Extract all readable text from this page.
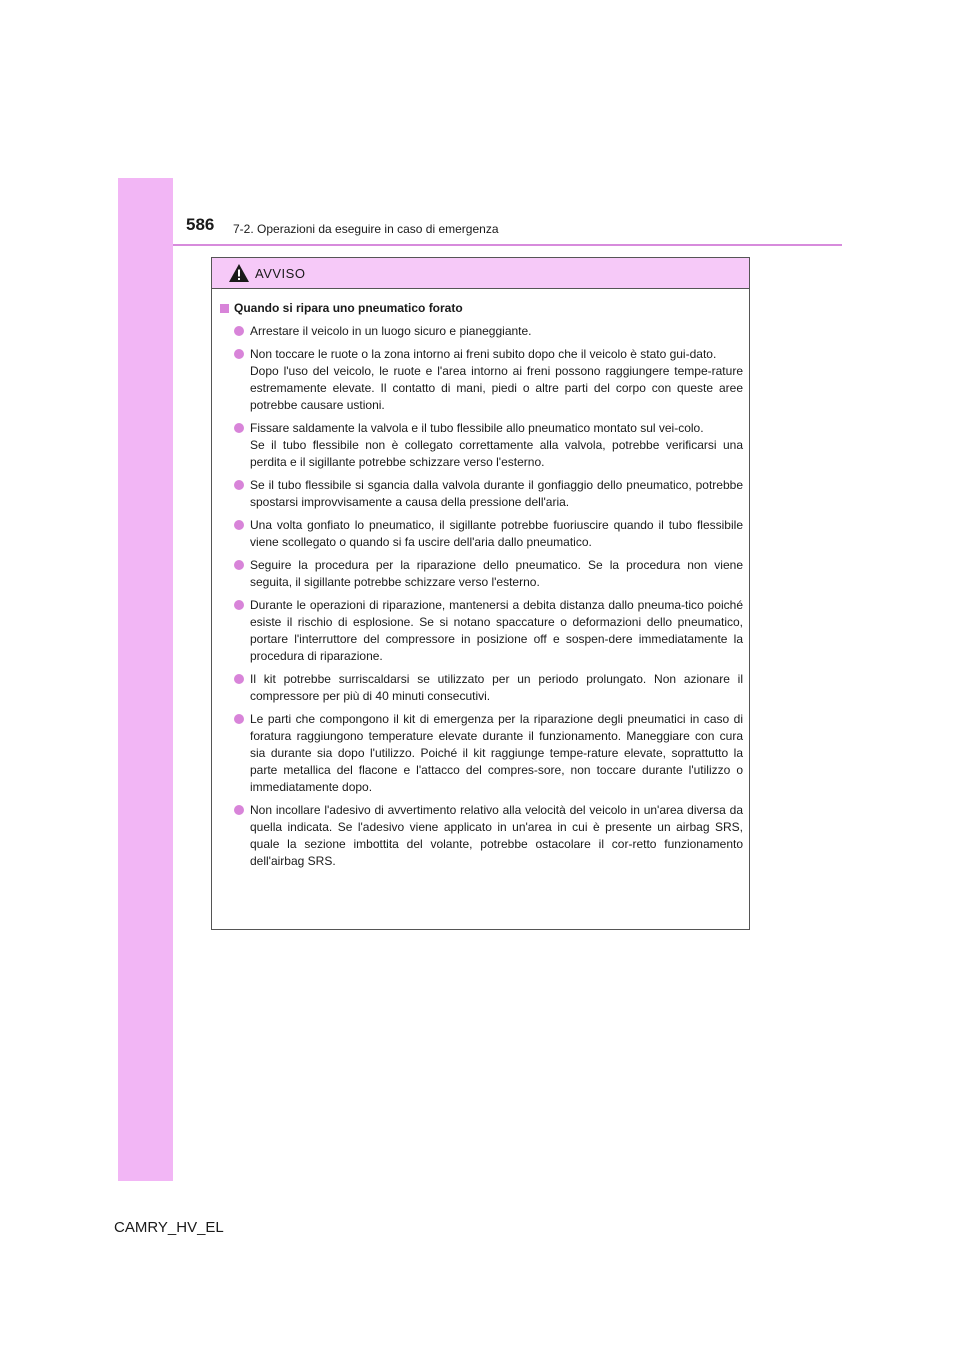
586 7-2. Operazioni da eseguire in caso di emergenza
AVVISO
Quando si ripara uno pneumatico forato
Arrestare il veicolo in un luogo sicuro e pianeggiante.
Non toccare le ruote o la zona intorno ai freni subito dopo che il veicolo è stato gui-dato.
Dopo l'uso del veicolo, le ruote e l'area intorno ai freni possono raggiungere tempe-rature estremamente elevate. Il contatto di mani, piedi o altre parti del corpo con queste aree potrebbe causare ustioni.
Fissare saldamente la valvola e il tubo flessibile allo pneumatico montato sul vei-colo.
Se il tubo flessibile non è collegato correttamente alla valvola, potrebbe verificarsi una perdita e il sigillante potrebbe schizzare verso l'esterno.
Se il tubo flessibile si sgancia dalla valvola durante il gonfiaggio dello pneumatico, potrebbe spostarsi improvvisamente a causa della pressione dell'aria.
Una volta gonfiato lo pneumatico, il sigillante potrebbe fuoriuscire quando il tubo flessibile viene scollegato o quando si fa uscire dell'aria dallo pneumatico.
Seguire la procedura per la riparazione dello pneumatico. Se la procedura non viene seguita, il sigillante potrebbe schizzare verso l'esterno.
Durante le operazioni di riparazione, mantenersi a debita distanza dallo pneuma-tico poiché esiste il rischio di esplosione. Se si notano spaccature o deformazioni dello pneumatico, portare l'interruttore del compressore in posizione off e sospen-dere immediatamente la procedura di riparazione.
Il kit potrebbe surriscaldarsi se utilizzato per un periodo prolungato. Non azionare il compressore per più di 40 minuti consecutivi.
Le parti che compongono il kit di emergenza per la riparazione degli pneumatici in caso di foratura raggiungono temperature elevate durante il funzionamento. Maneggiare con cura sia durante sia dopo l'utilizzo. Poiché il kit raggiunge tempe-rature elevate, soprattutto la parte metallica del flacone e l'attacco del compres-sore, non toccare durante l'utilizzo o immediatamente dopo.
Non incollare l'adesivo di avvertimento relativo alla velocità del veicolo in un'area diversa da quella indicata. Se l'adesivo viene applicato in un'area in cui è presente un airbag SRS, quale la sezione imbottita del volante, potrebbe ostacolare il cor-retto funzionamento dell'airbag SRS.
CAMRY_HV_EL
